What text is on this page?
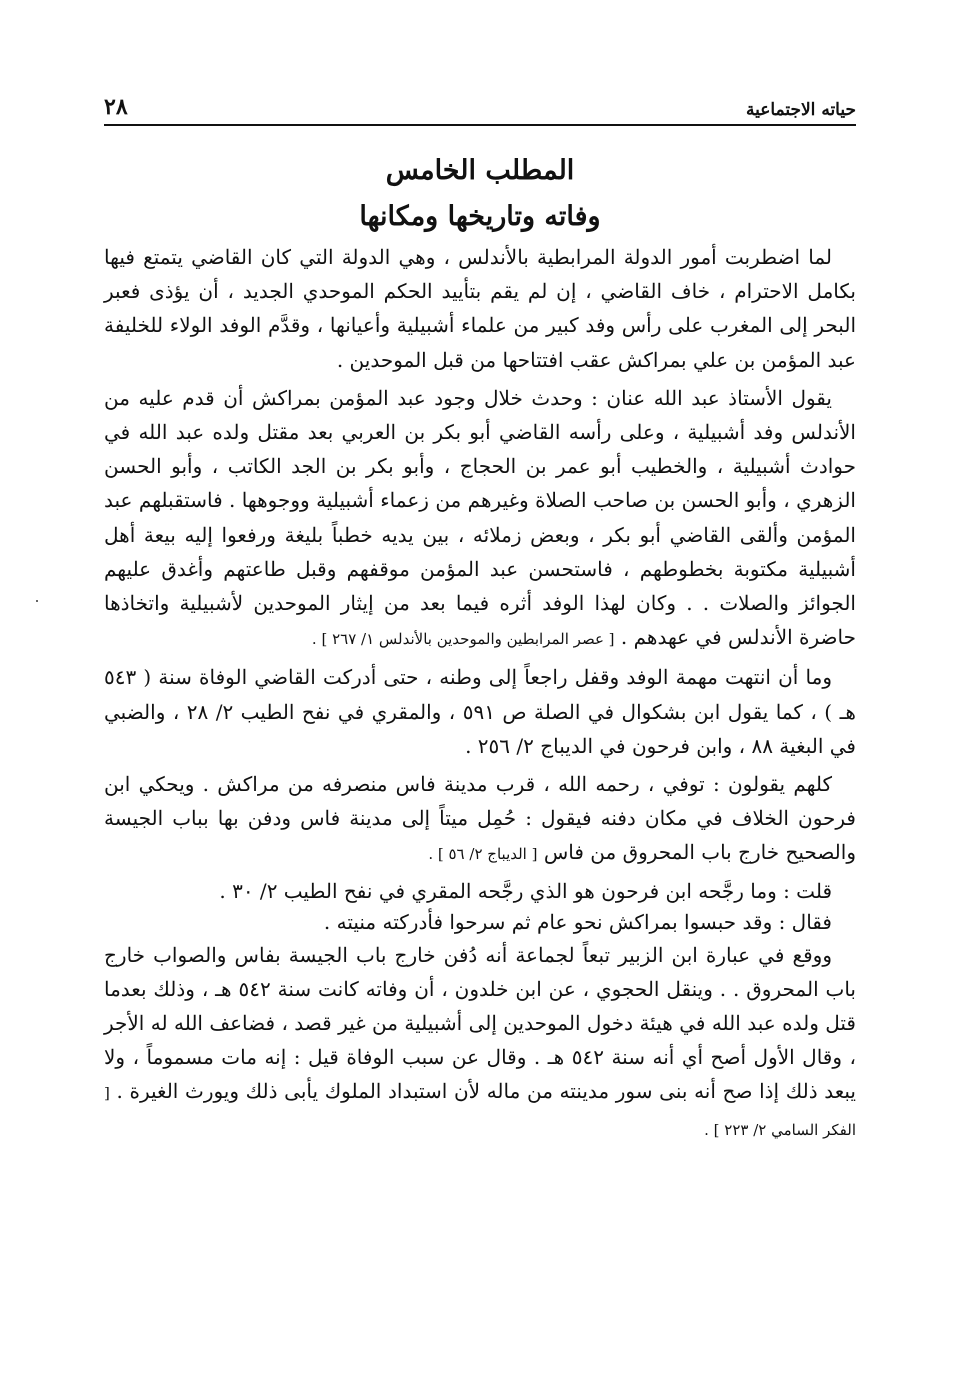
حياته الاجتماعية
٢٨
المطلب الخامس
وفاته وتاريخها ومكانها

لما اضطربت أمور الدولة المرابطية بالأندلس ، وهي الدولة التي كان القاضي يتمتع فيها بكامل الاحترام ، خاف القاضي ، إن لم يقم بتأييد الحكم الموحدي الجديد ، أن يؤذى فعبر البحر إلى المغرب على رأس وفد كبير من علماء أشبيلية وأعيانها ، وقدَّم الوفد الولاء للخليفة عبد المؤمن بن علي بمراكش عقب افتتاحها من قبل الموحدين .

يقول الأستاذ عبد الله عنان : وحدث خلال وجود عبد المؤمن بمراكش أن قدم عليه من الأندلس وفد أشبيلية ، وعلى رأسه القاضي أبو بكر بن العربي بعد مقتل ولده عبد الله في حوادث أشبيلية ، والخطيب أبو عمر بن الحجاج ، وأبو بكر بن الجد الكاتب ، وأبو الحسن الزهري ، وأبو الحسن بن صاحب الصلاة وغيرهم من زعماء أشبيلية ووجوهها . فاستقبلهم عبد المؤمن وألقى القاضي أبو بكر ، وبعض زملائه ، بين يديه خطباً بليغة ورفعوا إليه بيعة أهل أشبيلية مكتوبة بخطوطهم ، فاستحسن عبد المؤمن موقفهم وقبل طاعتهم وأغدق عليهم الجوائز والصلات . . وكان لهذا الوفد أثره فيما بعد من إيثار الموحدين لأشبيلية واتخاذها حاضرة الأندلس في عهدهم . [ عصر المرابطين والموحدين بالأندلس ١/ ٢٦٧ ] .

وما أن انتهت مهمة الوفد وقفل راجعاً إلى وطنه ، حتى أدركت القاضي الوفاة سنة ( ٥٤٣ هـ ) ، كما يقول ابن بشكوال في الصلة ص ٥٩١ ، والمقري في نفح الطيب ٢/ ٢٨ ، والضبي في البغية ٨٨ ، وابن فرحون في الديباج ٢/ ٢٥٦ .

كلهم يقولون : توفي ، رحمه الله ، قرب مدينة فاس منصرفه من مراكش . ويحكي ابن فرحون الخلاف في مكان دفنه فيقول : حُمِل ميتاً إلى مدينة فاس ودفن بها بباب الجيسة والصحيح خارج باب المحروق من فاس [ الديباج ٢/ ٥٦ ] .

قلت : وما رجَّحه ابن فرحون هو الذي رجَّحه المقري في نفح الطيب ٢/ ٣٠ .

فقال : وقد حبسوا بمراكش نحو عام ثم سرحوا فأدركته منيته .

ووقع في عبارة ابن الزبير تبعاً لجماعة أنه دُفن خارج باب الجيسة بفاس والصواب خارج باب المحروق . . وينقل الحجوي ، عن ابن خلدون ، أن وفاته كانت سنة ٥٤٢ هـ ، وذلك بعدما قتل ولده عبد الله في هيئة دخول الموحدين إلى أشبيلية من غير قصد ، فضاعف الله له الأجر ، وقال الأول أصح أي أنه سنة ٥٤٢ هـ . وقال عن سبب الوفاة قيل : إنه مات مسموماً ، ولا يبعد ذلك إذا صح أنه بنى سور مدينته من ماله لأن استبداد الملوك يأبى ذلك ويورث الغيرة . [ الفكر السامي ٢/ ٢٢٣ ] .
